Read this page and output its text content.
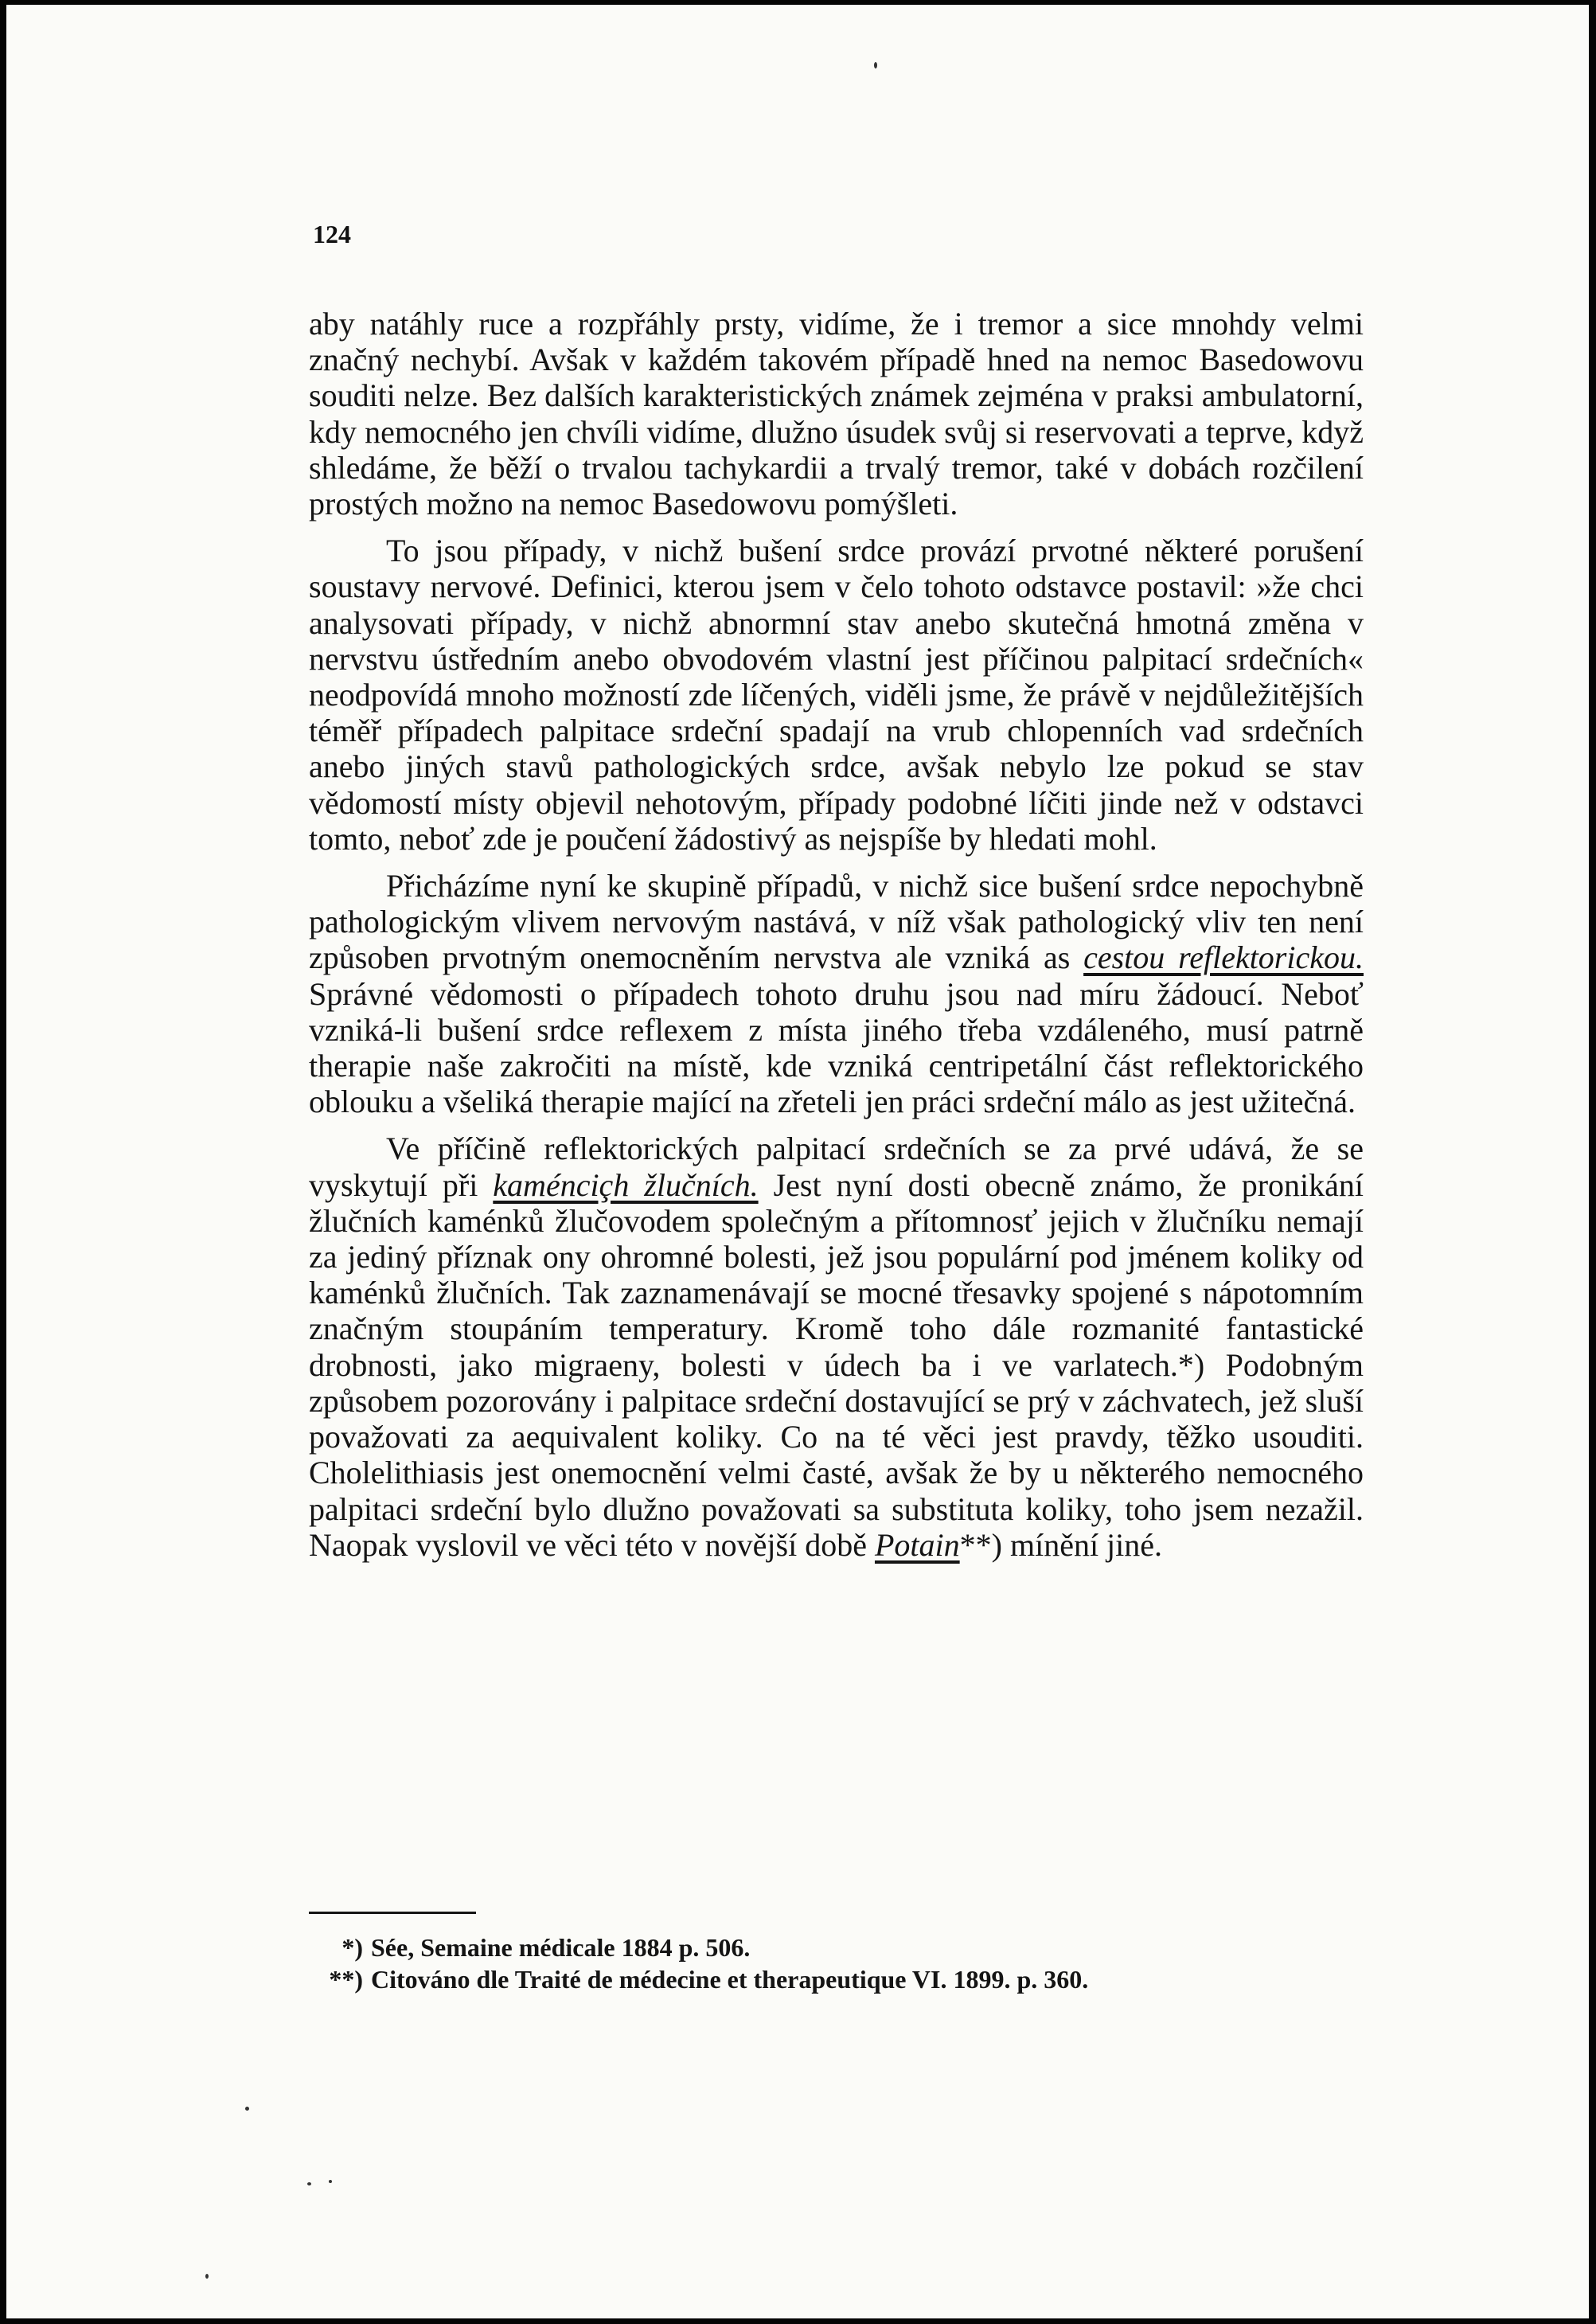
124

aby natáhly ruce a rozpřáhly prsty, vidíme, že i tremor a sice mnohdy velmi značný nechybí. Avšak v každém takovém případě hned na nemoc Basedowovu souditi nelze. Bez dalších karakteristických známek zejména v praksi ambulatorní, kdy nemocného jen chvíli vidíme, dlužno úsudek svůj si reservovati a teprve, když shledáme, že běží o trvalou tachykardii a trvalý tremor, také v dobách rozčilení prostých možno na nemoc Basedowovu pomýšleti.

To jsou případy, v nichž bušení srdce provází prvotné některé porušení soustavy nervové. Definici, kterou jsem v čelo tohoto odstavce postavil: »že chci analysovati případy, v nichž abnormní stav anebo skutečná hmotná změna v nervstvu ústředním anebo obvodovém vlastní jest příčinou palpitací srdečních« neodpovídá mnoho možností zde líčených, viděli jsme, že právě v nejdůležitějších téměř případech palpitace srdeční spadají na vrub chlopenních vad srdečních anebo jiných stavů pathologických srdce, avšak nebylo lze pokud se stav vědomostí místy objevil nehotovým, případy podobné líčiti jinde než v odstavci tomto, neboť zde je poučení žádostivý as nejspíše by hledati mohl.

Přicházíme nyní ke skupině případů, v nichž sice bušení srdce nepochybně pathologickým vlivem nervovým nastává, v níž však pathologický vliv ten není způsoben prvotným onemocněním nervstva ale vzniká as cestou reflektorickou. Správné vědomosti o případech tohoto druhu jsou nad míru žádoucí. Neboť vzniká-li bušení srdce reflexem z místa jiného třeba vzdáleného, musí patrně therapie naše zakročiti na místě, kde vzniká centripetální část reflektorického oblouku a všeliká therapie mající na zřeteli jen práci srdeční málo as jest užitečná.

Ve příčině reflektorických palpitací srdečních se za prvé udává, že se vyskytují při kaménciçh žlučních. Jest nyní dosti obecně známo, že pronikání žlučních kaménků žlučovodem společným a přítomnosť jejich v žlučníku nemají za jediný příznak ony ohromné bolesti, jež jsou populární pod jménem koliky od kaménků žlučních. Tak zaznamenávají se mocné třesavky spojené s nápotomním značným stoupáním temperatury. Kromě toho dále rozmanité fantastické drobnosti, jako migraeny, bolesti v údech ba i ve varlatech.*) Podobným způsobem pozorovány i palpitace srdeční dostavující se prý v záchvatech, jež sluší považovati za aequivalent koliky. Co na té věci jest pravdy, těžko usouditi. Cholelithiasis jest onemocnění velmi časté, avšak že by u některého nemocného palpitaci srdeční bylo dlužno považovati sa substituta koliky, toho jsem nezažil. Naopak vyslovil ve věci této v novější době Potain**) mínění jiné.

*) Sée, Semaine médicale 1884 p. 506.
**) Citováno dle Traité de médecine et therapeutique VI. 1899. p. 360.
